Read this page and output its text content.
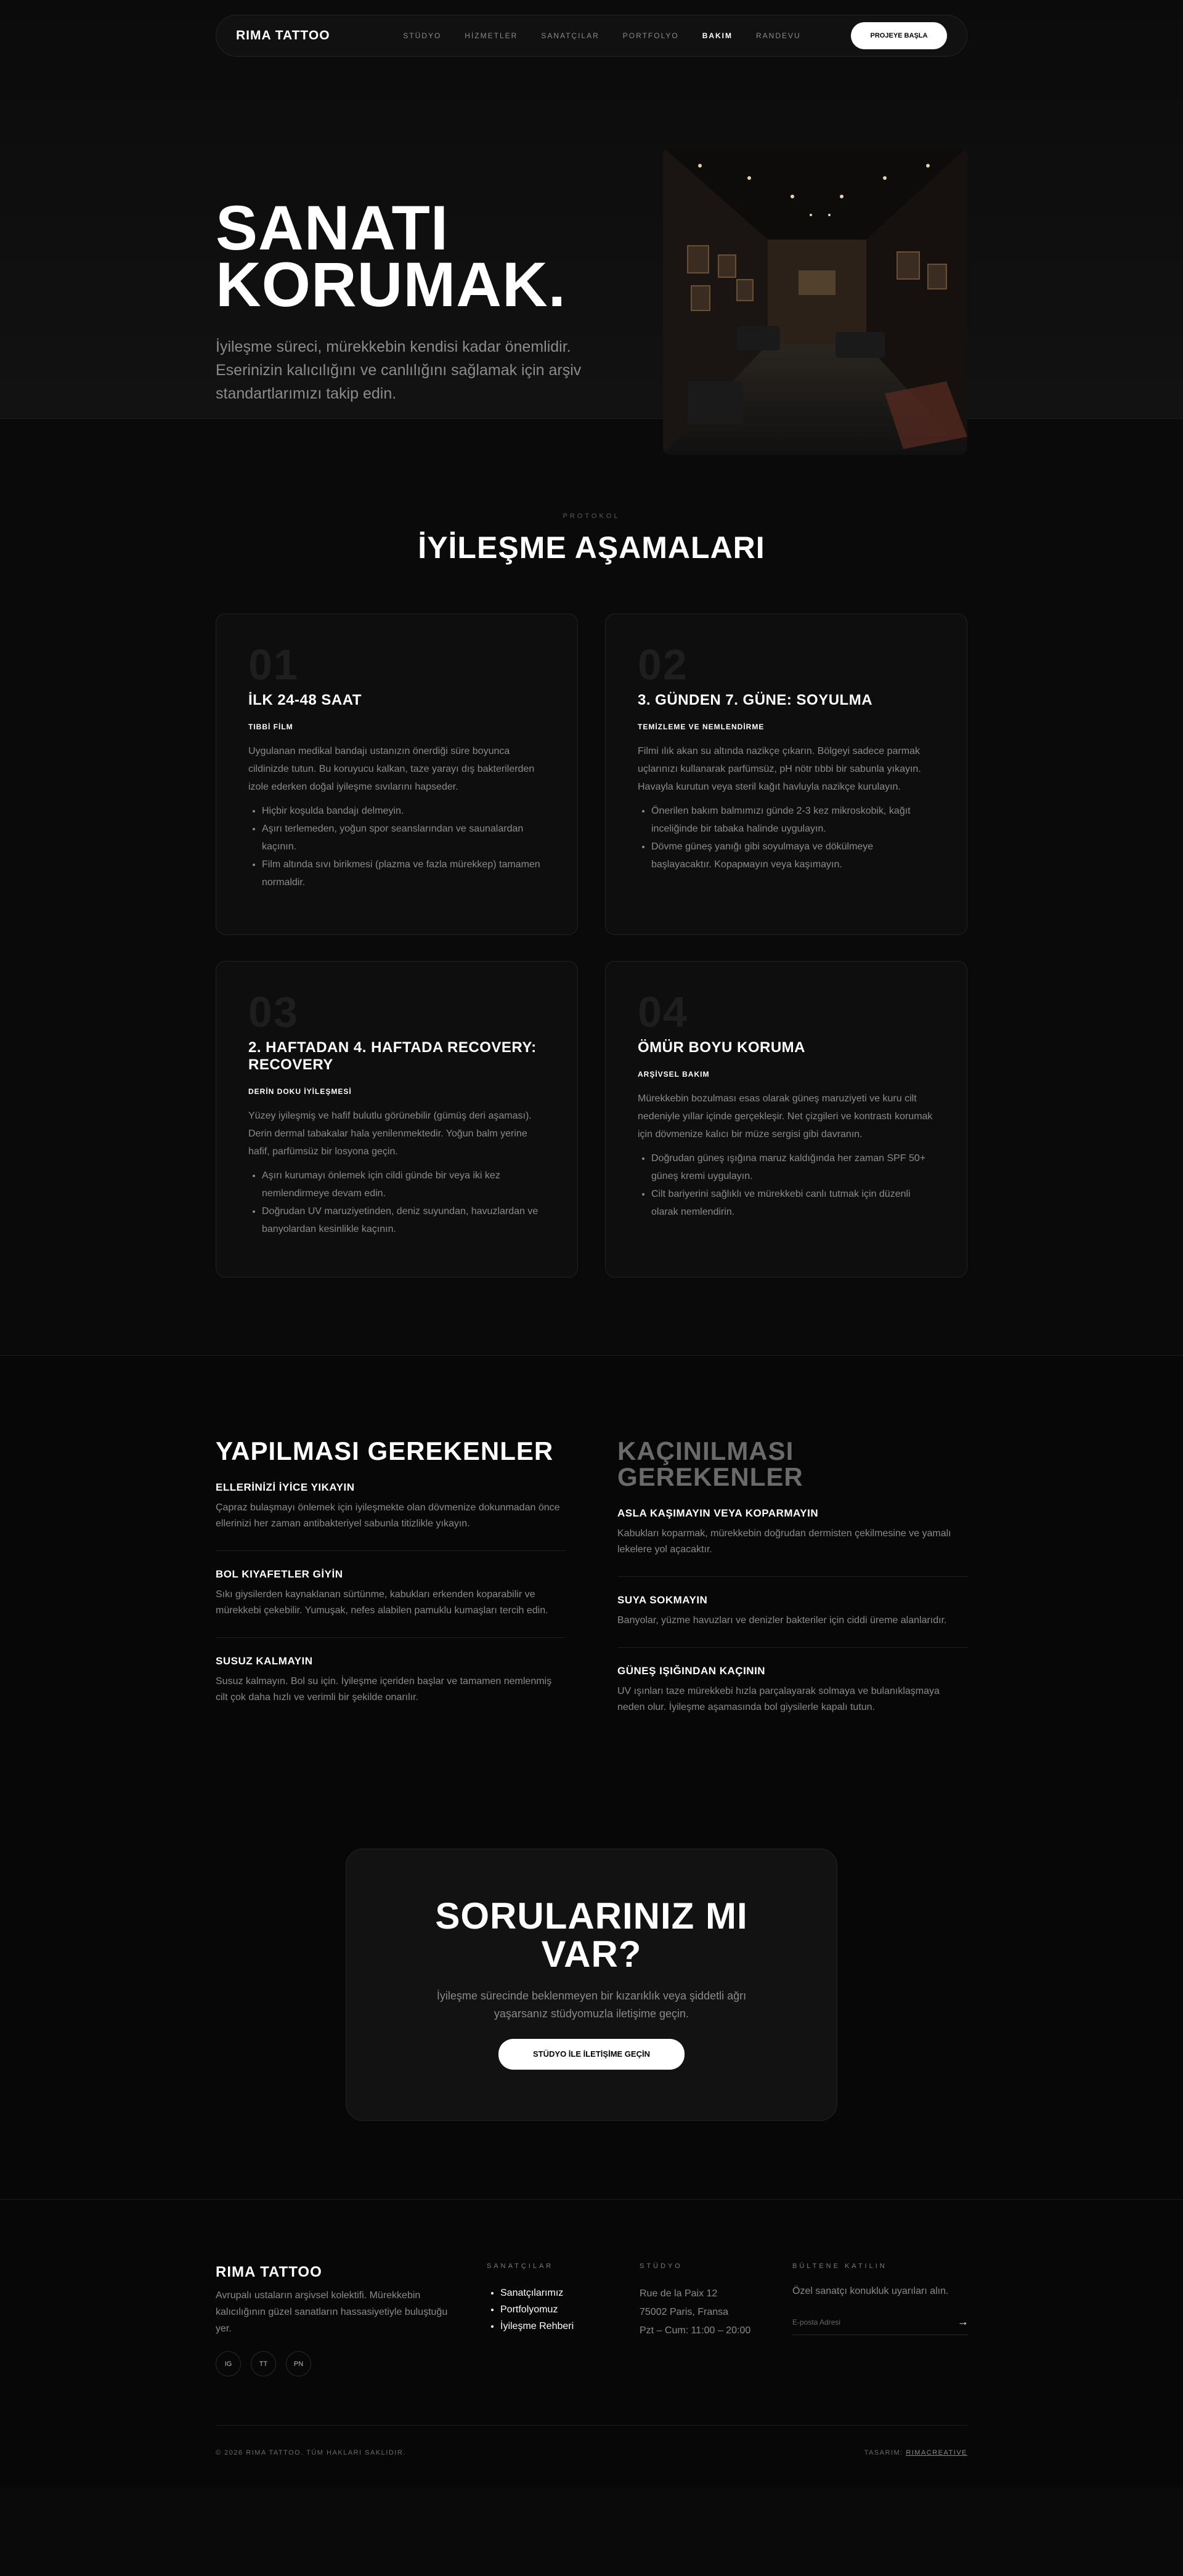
RIMA TATTOO	STÜDYO	HİZMETLER	SANATÇILAR	PORTFOLYO	BAKIM	RANDEVU	PROJEYE BAŞLA
SANATI
KORUMAK.

İyileşme süreci, mürekkebin kendisi kadar önemlidir. Eserinizin kalıcılığını ve canlılığını sağlamak için arşiv standartlarımızı takip edin.

PROTOKOL
İYİLEŞME AŞAMALARI
01
İLK 24-48 SAAT
TIBBİ FİLM

Uygulanan medikal bandajı ustanızın önerdiği süre boyunca cildinizde tutun. Bu koruyucu kalkan, taze yarayı dış bakterilerden izole ederken doğal iyileşme sıvılarını hapseder.

• Hiçbir koşulda bandajı delmeyin.
• Aşırı terlemeden, yoğun spor seanslarından ve saunalardan kaçının.
• Film altında sıvı birikmesi (plazma ve fazla mürekkep) tamamen normaldir.
02
3. GÜNDEN 7. GÜNE: SOYULMA
TEMİZLEME VE NEMLENDİRME

Filmi ılık akan su altında nazikçe çıkarın. Bölgeyi sadece parmak uçlarınızı kullanarak parfümsüz, pH nötr tıbbi bir sabunla yıkayın. Havayla kurutun veya steril kağıt havluyla nazikçe kurulayın.

• Önerilen bakım balmımızı günde 2-3 kez mikroskobik, kağıt inceliğinde bir tabaka halinde uygulayın.
• Dövme güneş yanığı gibi soyulmaya ve dökülmeye başlayacaktır. Kopармayın veya kaşımayın.
03
2. HAFTADAN 4. HAFTADA RECOVERY: RECOVERY
DERİN DOKU İYİLEŞMESİ

Yüzey iyileşmiş ve hafif bulutlu görünebilir (gümüş deri aşaması). Derin dermal tabakalar hala yenilenmektedir. Yoğun balm yerine hafif, parfümsüz bir losyona geçin.

• Aşırı kurumayı önlemek için cildi günde bir veya iki kez nemlendirmeye devam edin.
• Doğrudan UV maruziyetinden, deniz suyundan, havuzlardan ve banyolardan kesinlikle kaçının.
04
ÖMÜR BOYU KORUMA
ARŞİVSEL BAKIM

Mürekkebin bozulması esas olarak güneş maruziyeti ve kuru cilt nedeniyle yıllar içinde gerçekleşir. Net çizgileri ve kontrastı korumak için dövmenize kalıcı bir müze sergisi gibi davranın.

• Doğrudan güneş ışığına maruz kaldığında her zaman SPF 50+ güneş kremi uygulayın.
• Cilt bariyerini sağlıklı ve mürekkebi canlı tutmak için düzenli olarak nemlendirin.
YAPILMASI GEREKENLER
ELLERİNİZİ İYİCE YIKAYIN

Çapraz bulaşmayı önlemek için iyileşmekte olan dövmenize dokunmadan önce ellerinizi her zaman antibakteriyel sabunla titizlikle yıkayın.

BOL KIYAFETLER GİYİN

Sıkı giysilerden kaynaklanan sürtünme, kabukları erkenden koparabilir ve mürekkebi çekebilir. Yumuşak, nefes alabilen pamuklu kumaşları tercih edin.

SUSUZ KALMAYIN

Susuz kalmayın. Bol su için. İyileşme içeriden başlar ve tamamen nemlenmiş cilt çok daha hızlı ve verimli bir şekilde onarılır.

KAÇINILMASI
GEREKENLER
ASLA KAŞIMAYIN VEYA KOPARMAYIN

Kabukları koparmak, mürekkebin doğrudan dermisten çekilmesine ve yamalı lekelere yol açacaktır.

SUYA SOKMAYIN

Banyolar, yüzme havuzları ve denizler bakteriler için ciddi üreme alanlarıdır.

GÜNEŞ IŞIĞINDAN KAÇININ

UV ışınları taze mürekkebi hızla parçalayarak solmaya ve bulanıklaşmaya neden olur. İyileşme aşamasında bol giysilerle kapalı tutun.

SORULARINIZ MI
VAR?

İyileşme sürecinde beklenmeyen bir kızarıklık veya şiddetli ağrı yaşarsanız stüdyomuzla iletişime geçin.

STÜDYO İLE İLETİŞİME GEÇİN
RIMA TATTOO

Avrupalı ustaların arşivsel kolektifi. Mürekkebin kalıcılığının güzel sanatların hassasiyetiyle buluştuğu yer.

IG	TT	PN
SANATÇILAR
• Sanatçılarımız
• Portfolyomuz
• İyileşme Rehberi
STÜDYO
Rue de la Paix 12
75002 Paris, Fransa
Pzt – Cum: 11:00 – 20:00
BÜLTENE KATILIN

Özel sanatçı konukluk uyarıları alın.

E-posta Adresi
→
© 2026 RIMA TATTOO. TÜM HAKLARI SAKLIDIR.	TASARIM: RIMACREATIVE
